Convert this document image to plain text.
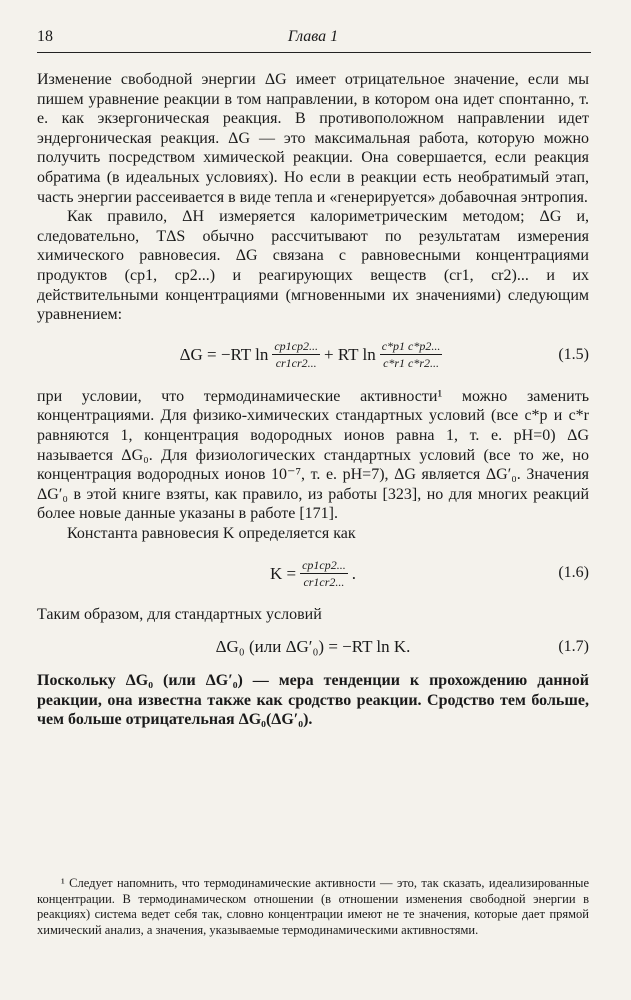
18	Глава 1

Изменение свободной энергии ΔG имеет отрицательное значение, если мы пишем уравнение реакции в том направлении, в котором она идет спонтанно, т. е. как экзергоническая реакция. В противоположном направлении идет эндергоническая реакция. ΔG — это максимальная работа, которую можно получить посредством химической реакции. Она совершается, если реакция обратима (в идеальных условиях). Но если в реакции есть необратимый этап, часть энергии рассеивается в виде тепла и «генерируется» добавочная энтропия.

Как правило, ΔH измеряется калориметрическим методом; ΔG и, следовательно, TΔS обычно рассчитывают по результатам измерения химического равновесия. ΔG связана с равновесными концентрациями продуктов (cp1, cp2...) и реагирующих веществ (cr1, cr2)... и их действительными концентрациями (мгновенными их значениями) следующим уравнением:

ΔG = −RT $\ln \frac{cp1cp2...}{cr1cr2...}$ + RT $\ln \frac{c*p1 c*p2...}{c*r1 c*r2...}$	(1.5)

при условии, что термодинамические активности¹ можно заменить концентрациями. Для физико-химических стандартных условий (все c*p и c*r равняются 1, концентрация водородных ионов равна 1, т. е. pH=0) ΔG называется ΔG₀. Для физиологических стандартных условий (все то же, но концентрация водородных ионов 10⁻⁷, т. е. pH=7), ΔG является ΔG′₀. Значения ΔG′₀ в этой книге взяты, как правило, из работы [323], но для многих реакций более новые данные указаны в работе [171].

Константа равновесия K определяется как

$K = \frac{cp1cp2...}{cr1cr2...}$ .	(1.6)

Таким образом, для стандартных условий

ΔG₀ (или ΔG′₀) = −RT ln K.	(1.7)

Поскольку ΔG₀ (или ΔG′₀) — мера тенденции к прохождению данной реакции, она известна также как сродство реакции. Сродство тем больше, чем больше отрицательная ΔG₀(ΔG′₀).

¹ Следует напомнить, что термодинамические активности — это, так сказать, идеализированные концентрации. В термодинамическом отношении (в отношении изменения свободной энергии в реакциях) система ведет себя так, словно концентрации имеют не те значения, которые дает прямой химический анализ, а значения, указываемые термодинамическими активностями.
